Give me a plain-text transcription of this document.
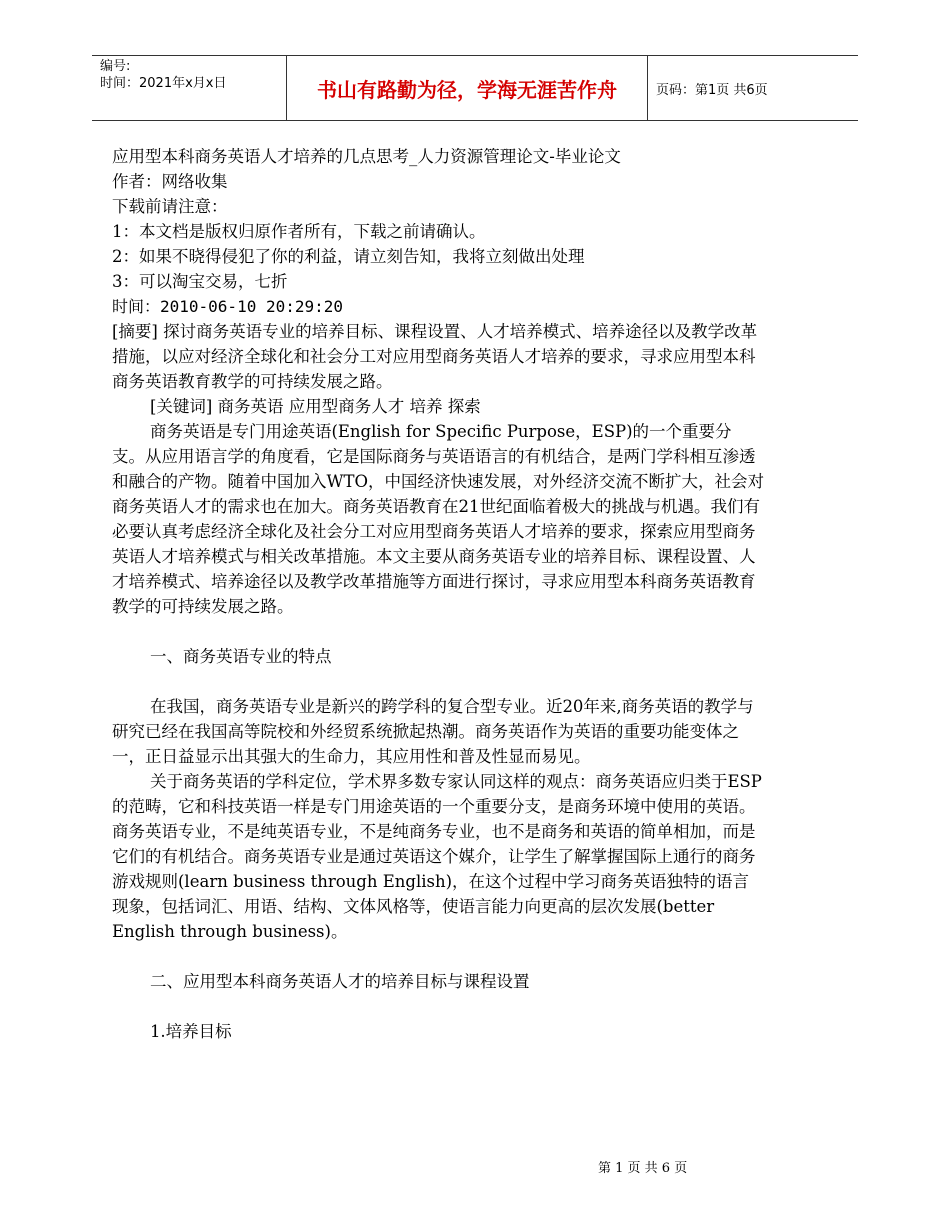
编号:
时间：2021年x月x日	书山有路勤为径，学海无涯苦作舟	页码：第1页 共6页

应用型本科商务英语人才培养的几点思考_人力资源管理论文-毕业论文

作者：网络收集

下载前请注意：

1：本文档是版权归原作者所有，下载之前请确认。

2：如果不晓得侵犯了你的利益，请立刻告知，我将立刻做出处理

3：可以淘宝交易，七折

时间：2010-06-10 20:29:20

[摘要] 探讨商务英语专业的培养目标、课程设置、人才培养模式、培养途径以及教学改革措施，以应对经济全球化和社会分工对应用型商务英语人才培养的要求，寻求应用型本科商务英语教育教学的可持续发展之路。

[关键词] 商务英语 应用型商务人才 培养 探索

商务英语是专门用途英语(English for Specific Purpose，ESP)的一个重要分支。从应用语言学的角度看，它是国际商务与英语语言的有机结合，是两门学科相互渗透和融合的产物。随着中国加入WTO，中国经济快速发展，对外经济交流不断扩大，社会对商务英语人才的需求也在加大。商务英语教育在21世纪面临着极大的挑战与机遇。我们有必要认真考虑经济全球化及社会分工对应用型商务英语人才培养的要求，探索应用型商务英语人才培养模式与相关改革措施。本文主要从商务英语专业的培养目标、课程设置、人才培养模式、培养途径以及教学改革措施等方面进行探讨，寻求应用型本科商务英语教育教学的可持续发展之路。

一、商务英语专业的特点

在我国，商务英语专业是新兴的跨学科的复合型专业。近20年来,商务英语的教学与研究已经在我国高等院校和外经贸系统掀起热潮。商务英语作为英语的重要功能变体之一，正日益显示出其强大的生命力，其应用性和普及性显而易见。

关于商务英语的学科定位，学术界多数专家认同这样的观点：商务英语应归类于ESP的范畴，它和科技英语一样是专门用途英语的一个重要分支，是商务环境中使用的英语。商务英语专业，不是纯英语专业，不是纯商务专业，也不是商务和英语的简单相加，而是它们的有机结合。商务英语专业是通过英语这个媒介，让学生了解掌握国际上通行的商务游戏规则(learn business through English)，在这个过程中学习商务英语独特的语言现象，包括词汇、用语、结构、文体风格等，使语言能力向更高的层次发展(better English through business)。

二、应用型本科商务英语人才的培养目标与课程设置

1.培养目标

第 1 页 共 6 页
